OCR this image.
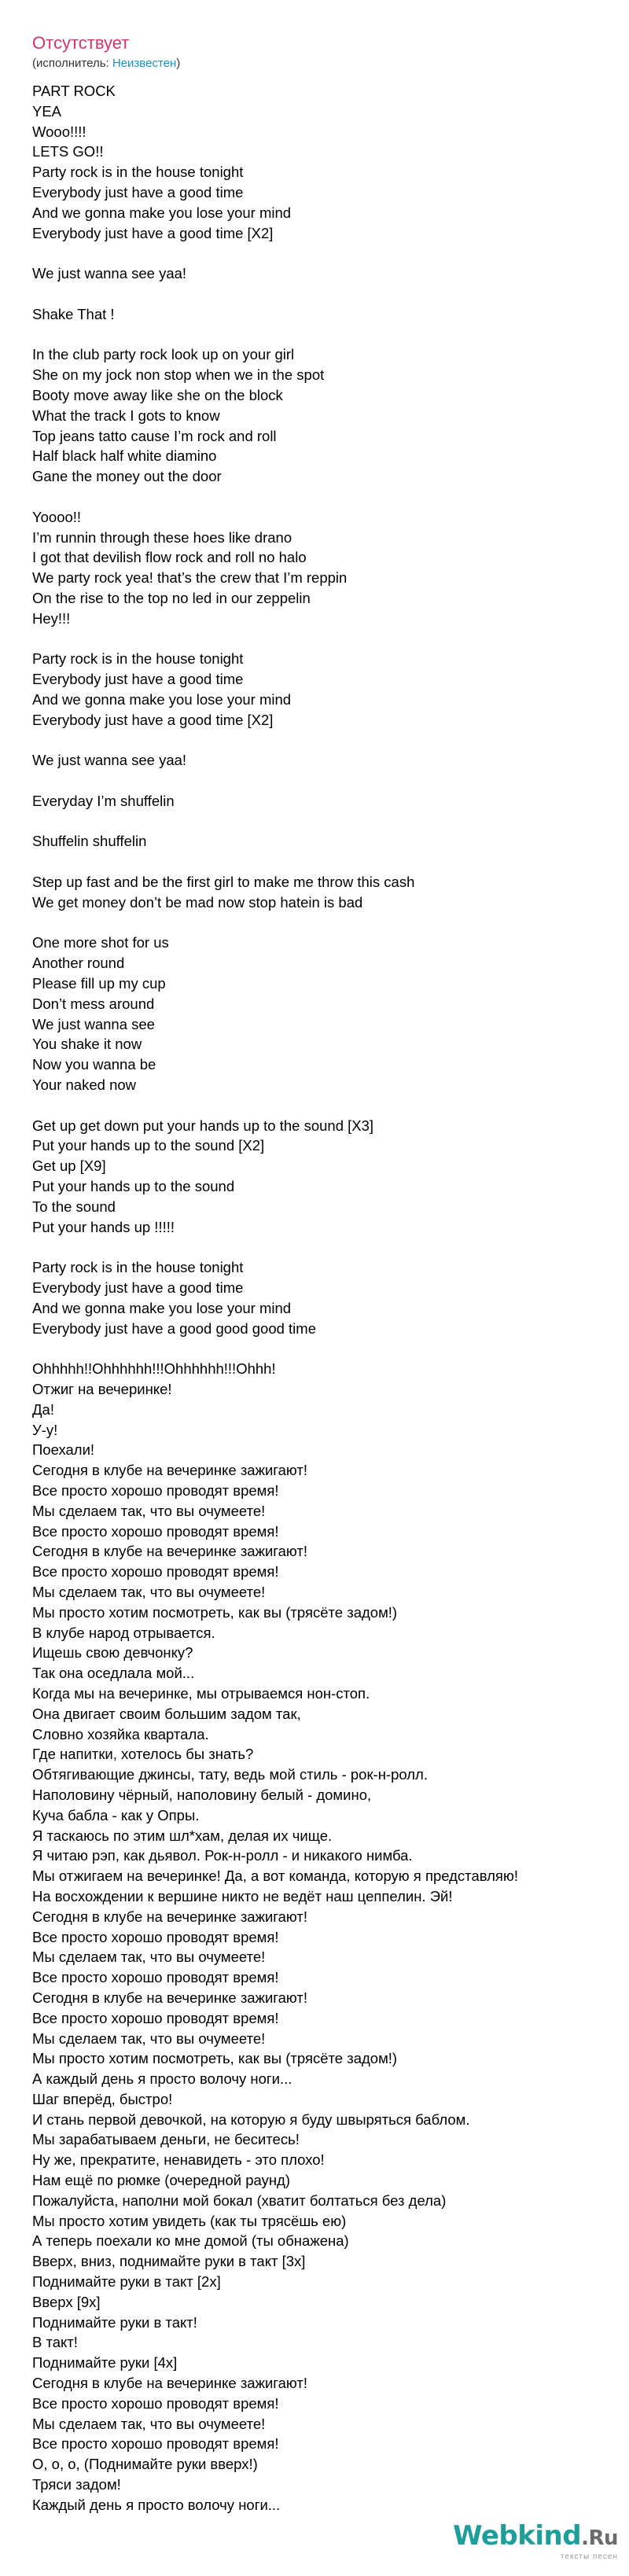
Отсутствует
(исполнитель: Неизвестен)
PART ROCK
YEA
Wooo!!!!
LETS GO!!
Party rock is in the house tonight
Everybody just have a good time
And we gonna make you lose your mind
Everybody just have a good time [X2]

We just wanna see yaa!

Shake That !

In the club party rock look up on your girl
She on my jock non stop when we in the spot
Booty move away like she on the block
What the track I gots to know
Top jeans tatto cause I’m rock and roll
Half black half white diamino
Gane the money out the door

Yoooo!!
I’m runnin through these hoes like drano
I got that devilish flow rock and roll no halo
We party rock yea! that’s the crew that I’m reppin
On the rise to the top no led in our zeppelin
Hey!!!

Party rock is in the house tonight
Everybody just have a good time
And we gonna make you lose your mind
Everybody just have a good time [X2]

We just wanna see yaa!

Everyday I’m shuffelin

Shuffelin shuffelin

Step up fast and be the first girl to make me throw this cash
We get money don’t be mad now stop hatein is bad

One more shot for us
Another round
Please fill up my cup
Don’t mess around
We just wanna see
You shake it now
Now you wanna be
Your naked now

Get up get down put your hands up to the sound [X3]
Put your hands up to the sound [X2]
Get up [X9]
Put your hands up to the sound
To the sound
Put your hands up !!!!!

Party rock is in the house tonight
Everybody just have a good time
And we gonna make you lose your mind
Everybody just have a good good good time

Ohhhhh!!Ohhhhhh!!!Ohhhhhh!!!Ohhh!
Отжиг на вечеринке!
Да!
У-у!
Поехали!
Сегодня в клубе на вечеринке зажигают!
Все просто хорошо проводят время!
Мы сделаем так, что вы очумеете!
Все просто хорошо проводят время!
Сегодня в клубе на вечеринке зажигают!
Все просто хорошо проводят время!
Мы сделаем так, что вы очумеете!
Мы просто хотим посмотреть, как вы (трясёте задом!)
В клубе народ отрывается.
Ищешь свою девчонку?
Так она оседлала мой...
Когда мы на вечеринке, мы отрываемся нон-стоп.
Она двигает своим большим задом так,
Словно хозяйка квартала.
Где напитки, хотелось бы знать?
Обтягивающие джинсы, тату, ведь мой стиль - рок-н-ролл.
Наполовину чёрный, наполовину белый - домино,
Куча бабла - как у Опры.
Я таскаюсь по этим шл*хам, делая их чище.
Я читаю рэп, как дьявол. Рок-н-ролл - и никакого нимба.
Мы отжигаем на вечеринке! Да, а вот команда, которую я представляю!
На восхождении к вершине никто не ведёт наш цеппелин. Эй!
Сегодня в клубе на вечеринке зажигают!
Все просто хорошо проводят время!
Мы сделаем так, что вы очумеете!
Все просто хорошо проводят время!
Сегодня в клубе на вечеринке зажигают!
Все просто хорошо проводят время!
Мы сделаем так, что вы очумеете!
Мы просто хотим посмотреть, как вы (трясёте задом!)
А каждый день я просто волочу ноги...
Шаг вперёд, быстро!
И стань первой девочкой, на которую я буду швыряться баблом.
Мы зарабатываем деньги, не беситесь!
Ну же, прекратите, ненавидеть - это плохо!
Нам ещё по рюмке (очередной раунд)
Пожалуйста, наполни мой бокал (хватит болтаться без дела)
Мы просто хотим увидеть (как ты трясёшь ею)
А теперь поехали ко мне домой (ты обнажена)
Вверх, вниз, поднимайте руки в такт [3х]
Поднимайте руки в такт [2х]
Вверх [9х]
Поднимайте руки в такт!
В такт!
Поднимайте руки [4х]
Сегодня в клубе на вечеринке зажигают!
Все просто хорошо проводят время!
Мы сделаем так, что вы очумеете!
Все просто хорошо проводят время!
О, о, о, (Поднимайте руки вверх!)
Тряси задом!
Каждый день я просто волочу ноги...
Webkind.Ru
тексты песен
